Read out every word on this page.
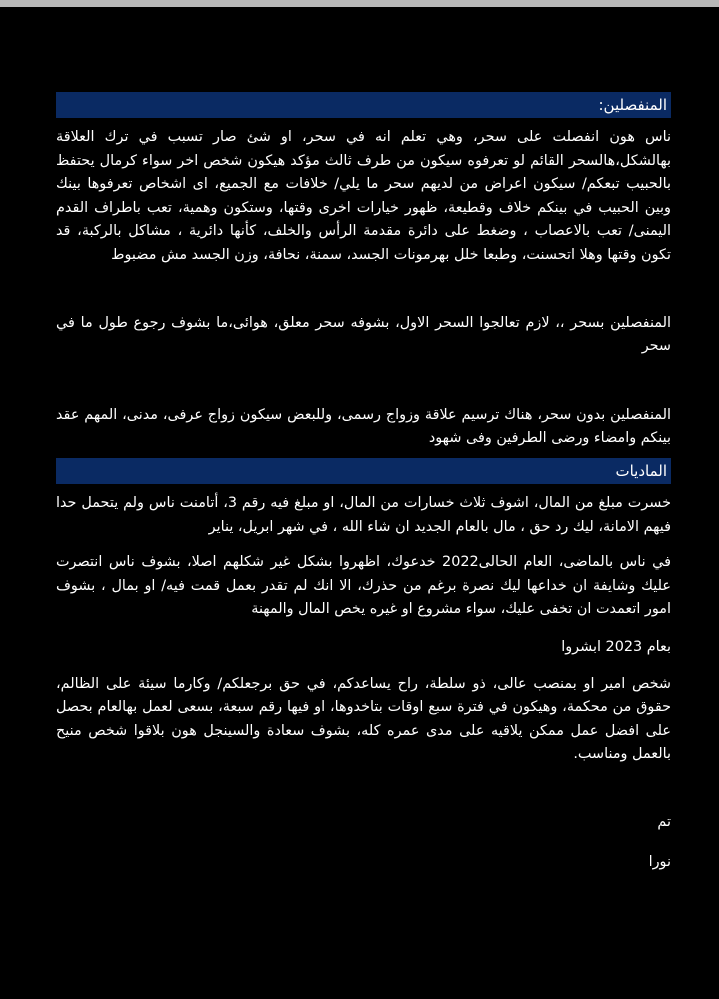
المنفصلين:

ناس هون انفصلت على سحر، وهي تعلم انه في سحر، او شئ صار تسبب في ترك العلاقة بهالشكل،هالسحر القائم لو تعرفوه سيكون من طرف ثالث مؤكد هيكون شخص اخر سواء كرمال يحتفظ بالحبيب تبعكم/ سيكون اعراض من لديهم سحر ما يلي/ خلافات مع الجميع، اى اشخاص تعرفوها بينك وبين الحبيب في بينكم خلاف وقطيعة، ظهور خيارات اخرى وقتها، وستكون وهمية، تعب باطراف القدم اليمنى/ تعب بالاعصاب ، وضغط على دائرة مقدمة الرأس والخلف، كأنها دائرية ، مشاكل بالركبة، قد تكون وقتها وهلا اتحسنت، وطبعا خلل بهرمونات الجسد، سمنة، نحافة، وزن الجسد مش مضبوط

المنفصلين بسحر ،، لازم تعالجوا السحر الاول، بشوفه سحر معلق، هوائى،ما بشوف رجوع طول ما في سحر

المنفصلين بدون سحر، هناك ترسيم علاقة وزواج رسمى، وللبعض سيكون زواج عرفى، مدنى، المهم عقد بينكم وامضاء ورضى الطرفين وفى شهود

الماديات

خسرت مبلغ من المال، اشوف ثلاث خسارات من المال، او مبلغ فيه رقم 3، أتامنت ناس ولم يتحمل حدا فيهم الامانة، ليك رد حق ، مال بالعام الجديد ان شاء الله ، في شهر ابريل، يناير

في ناس بالماضى، العام الحالى2022 خدعوك، اظهروا بشكل غير شكلهم اصلا، بشوف ناس انتصرت عليك وشايفة ان خداعها ليك نصرة برغم من حذرك، الا انك لم تقدر بعمل قمت فيه/ او بمال ، بشوف امور اتعمدت ان تخفى عليك، سواء مشروع او غيره يخص المال والمهنة

بعام 2023 ابشروا

شخص امير او بمنصب عالى، ذو سلطة، راح يساعدكم، في حق برجعلكم/ وكارما سيئة على الظالم، حقوق من محكمة، وهيكون في فترة سبع اوقات بتاخدوها، او فيها رقم سبعة، بسعى لعمل بهالعام بحصل على افضل عمل ممكن يلاقيه على مدى عمره كله، بشوف سعادة والسينجل هون بلاقوا شخص منيح بالعمل ومناسب.

تم

نورا
